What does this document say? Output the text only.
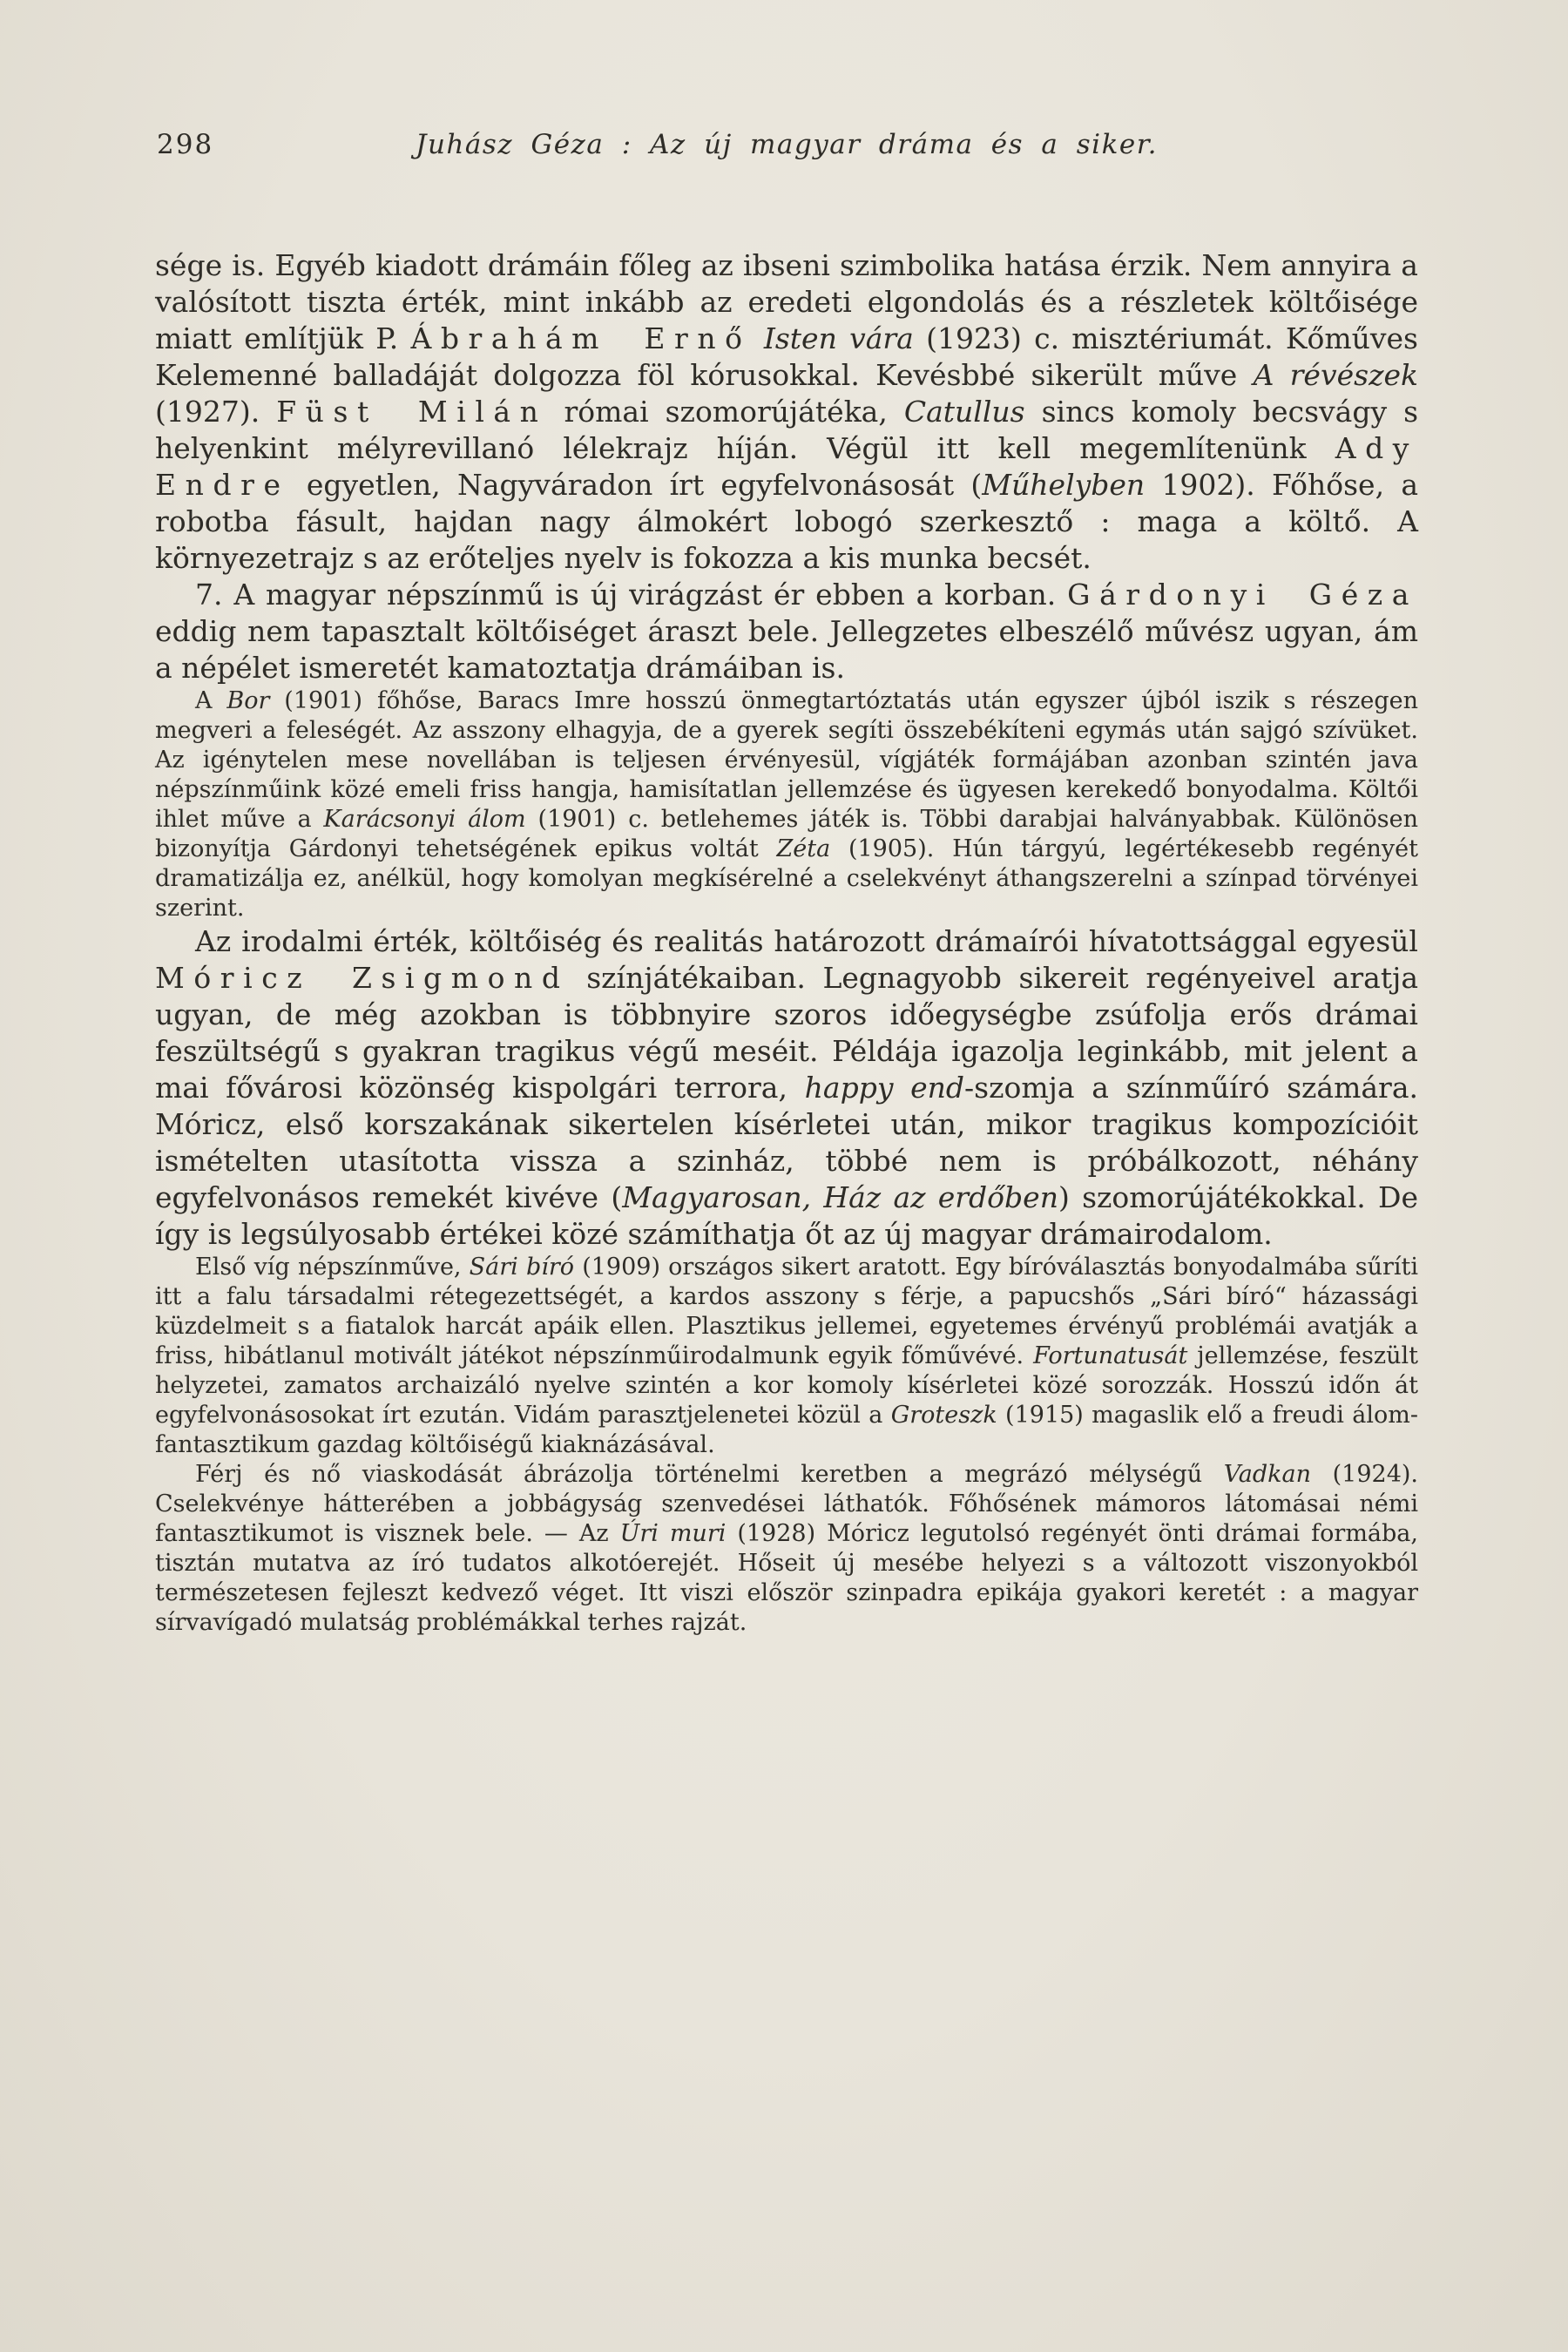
298	Juhász Géza : Az új magyar dráma és a siker.

sége is. Egyéb kiadott drámáin főleg az ibseni szimbolika hatása érzik. Nem annyira a valósított tiszta érték, mint inkább az eredeti elgondolás és a részletek költőisége miatt említjük P. Ábrahám Ernő Isten vára (1923) c. misztériumát. Kőműves Kelemenné balladáját dolgozza föl kórusokkal. Kevésbbé sikerült műve A révészek (1927). Füst Milán római szomorújátéka, Catullus sincs komoly becsvágy s helyenkint mélyrevillanó lélekrajz híján. Végül itt kell megemlítenünk Ady Endre egyetlen, Nagyváradon írt egyfelvonásosát (Műhelyben 1902). Főhőse, a robotba fásult, hajdan nagy álmokért lobogó szerkesztő : maga a költő. A környezetrajz s az erőteljes nyelv is fokozza a kis munka becsét.

7. A magyar népszínmű is új virágzást ér ebben a korban. Gárdonyi Géza eddig nem tapasztalt költőiséget áraszt bele. Jellegzetes elbeszélő művész ugyan, ám a népélet ismeretét kamatoztatja drámáiban is.

A Bor (1901) főhőse, Baracs Imre hosszú önmegtartóztatás után egyszer újból iszik s részegen megveri a feleségét. Az asszony elhagyja, de a gyerek segíti összebékíteni egymás után sajgó szívüket. Az igénytelen mese novellában is teljesen érvényesül, vígjáték formájában azonban szintén java népszínműink közé emeli friss hangja, hamisítatlan jellemzése és ügyesen kerekedő bonyodalma. Költői ihlet műve a Karácsonyi álom (1901) c. betlehemes játék is. Többi darabjai halványabbak. Különösen bizonyítja Gárdonyi tehetségének epikus voltát Zéta (1905). Hún tárgyú, legértékesebb regényét dramatizálja ez, anélkül, hogy komolyan megkísérelné a cselekvényt áthangszerelni a színpad törvényei szerint.

Az irodalmi érték, költőiség és realitás határozott drámaírói hívatottsággal egyesül Móricz Zsigmond színjátékaiban. Legnagyobb sikereit regényeivel aratja ugyan, de még azokban is többnyire szoros időegységbe zsúfolja erős drámai feszültségű s gyakran tragikus végű meséit. Példája igazolja leginkább, mit jelent a mai fővárosi közönség kispolgári terrora, happy end-szomja a színműíró számára. Móricz, első korszakának sikertelen kísérletei után, mikor tragikus kompozícióit ismételten utasította vissza a szinház, többé nem is próbálkozott, néhány egyfelvonásos remekét kivéve (Magyarosan, Ház az erdőben) szomorújátékokkal. De így is legsúlyosabb értékei közé számíthatja őt az új magyar drámairodalom.

Első víg népszínműve, Sári bíró (1909) országos sikert aratott. Egy bíróválasztás bonyodalmába sűríti itt a falu társadalmi rétegezettségét, a kardos asszony s férje, a papucshős „Sári bíró“ házassági küzdelmeit s a fiatalok harcát apáik ellen. Plasztikus jellemei, egyetemes érvényű problémái avatják a friss, hibátlanul motivált játékot népszínműirodalmunk egyik főművévé. Fortunatusát jellemzése, feszült helyzetei, zamatos archaizáló nyelve szintén a kor komoly kísérletei közé sorozzák. Hosszú időn át egyfelvonásosokat írt ezután. Vidám parasztjelenetei közül a Groteszk (1915) magaslik elő a freudi álom-fantasztikum gazdag költőiségű kiaknázásával.

Férj és nő viaskodását ábrázolja történelmi keretben a megrázó mélységű Vadkan (1924). Cselekvénye hátterében a jobbágyság szenvedései láthatók. Főhősének mámoros látomásai némi fantasztikumot is visznek bele. — Az Úri muri (1928) Móricz legutolsó regényét önti drámai formába, tisztán mutatva az író tudatos alkotóerejét. Hőseit új mesébe helyezi s a változott viszonyokból természetesen fejleszt kedvező véget. Itt viszi először szinpadra epikája gyakori keretét : a magyar sírvavígadó mulatság problémákkal terhes rajzát.
